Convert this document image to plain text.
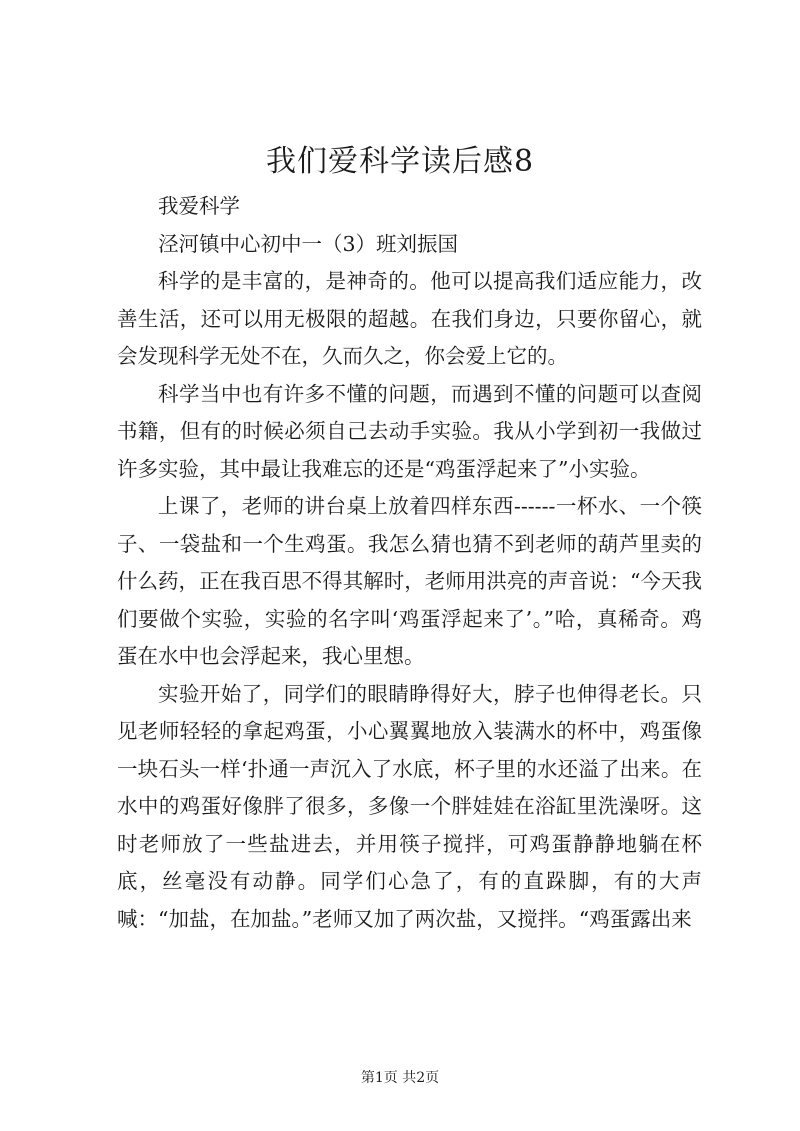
我们爱科学读后感8

我爱科学

泾河镇中心初中一（3）班刘振国

科学的是丰富的，是神奇的。他可以提高我们适应能力，改善生活，还可以用无极限的超越。在我们身边，只要你留心，就会发现科学无处不在，久而久之，你会爱上它的。

科学当中也有许多不懂的问题，而遇到不懂的问题可以查阅书籍，但有的时候必须自己去动手实验。我从小学到初一我做过许多实验，其中最让我难忘的还是“鸡蛋浮起来了”小实验。

上课了，老师的讲台桌上放着四样东西------一杯水、一个筷子、一袋盐和一个生鸡蛋。我怎么猜也猜不到老师的葫芦里卖的什么药，正在我百思不得其解时，老师用洪亮的声音说：“今天我们要做个实验，实验的名字叫‘鸡蛋浮起来了’。”哈，真稀奇。鸡蛋在水中也会浮起来，我心里想。

实验开始了，同学们的眼睛睁得好大，脖子也伸得老长。只见老师轻轻的拿起鸡蛋，小心翼翼地放入装满水的杯中，鸡蛋像一块石头一样‘扑通一声沉入了水底，杯子里的水还溢了出来。在水中的鸡蛋好像胖了很多，多像一个胖娃娃在浴缸里洗澡呀。这时老师放了一些盐进去，并用筷子搅拌，可鸡蛋静静地躺在杯底，丝毫没有动静。同学们心急了，有的直跺脚，有的大声喊：“加盐，在加盐。”老师又加了两次盐，又搅拌。“鸡蛋露出来

第1页 共2页
